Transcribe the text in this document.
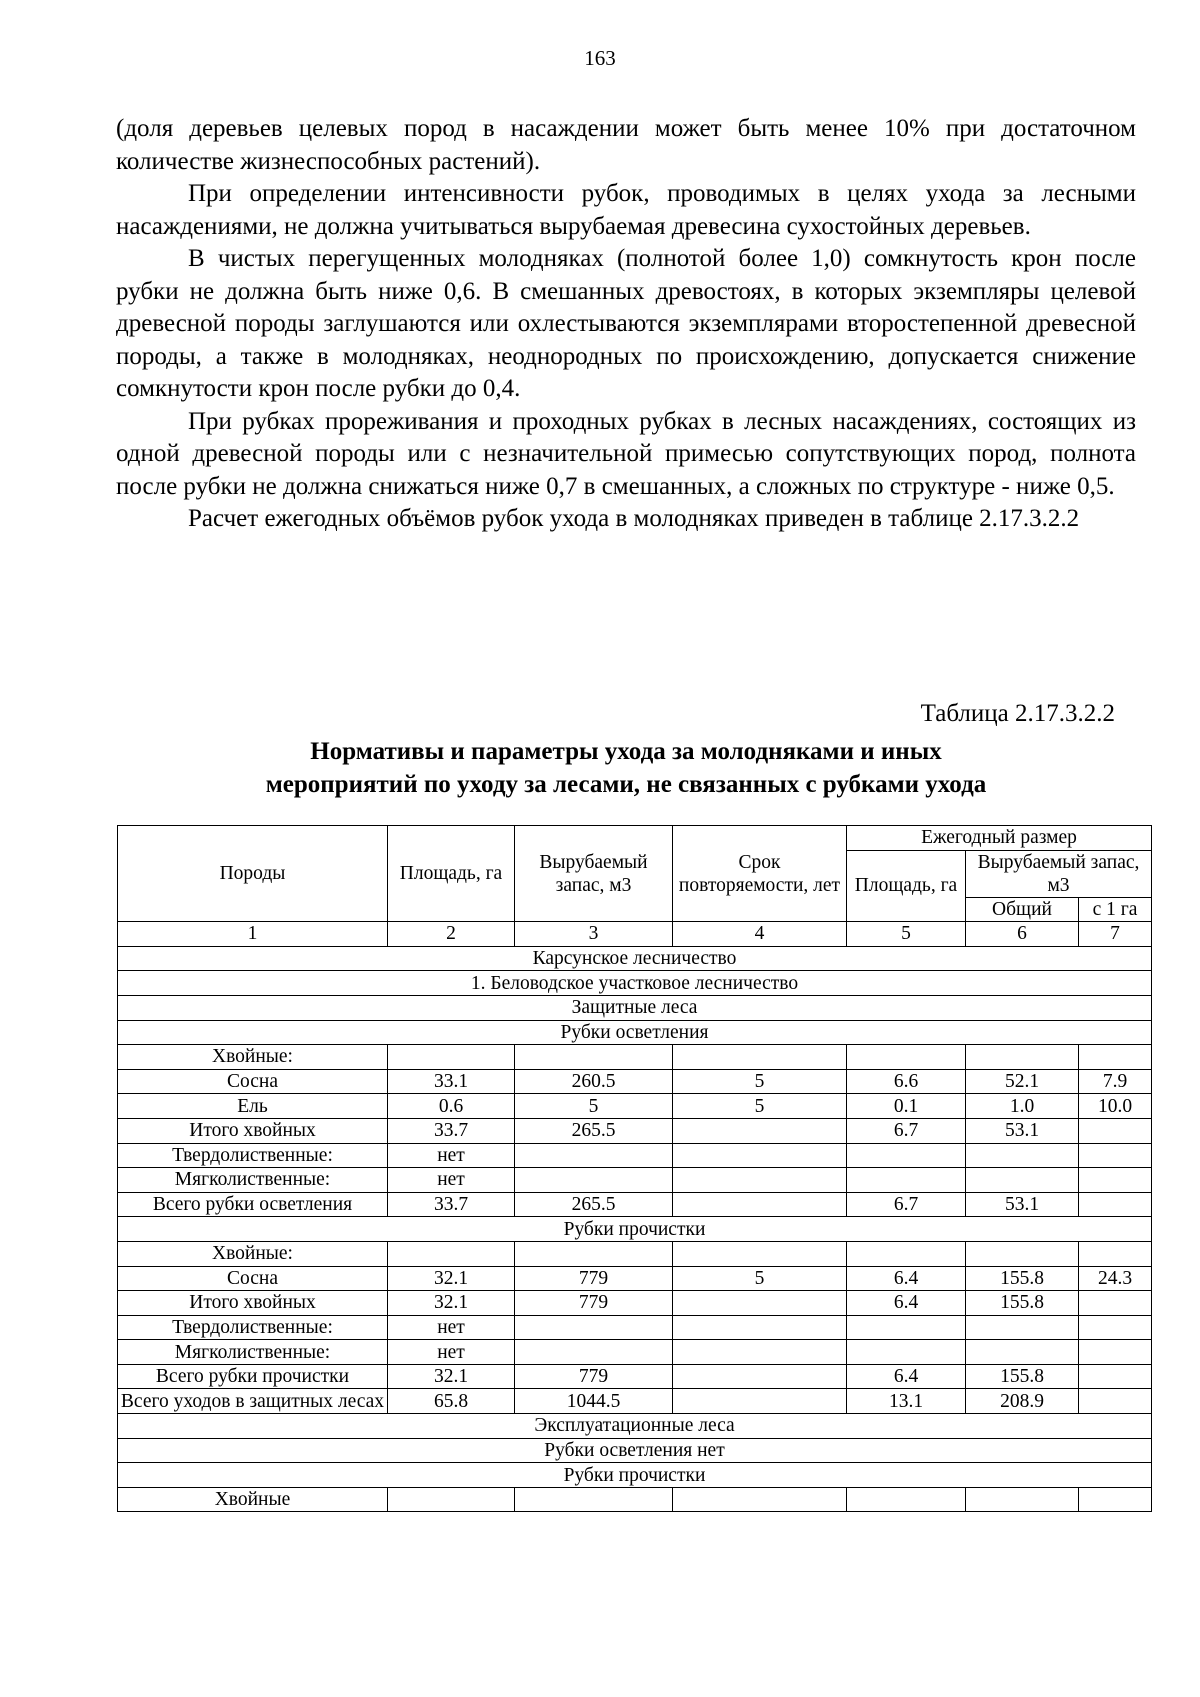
163

(доля деревьев целевых пород в насаждении может быть менее 10% при достаточном количестве жизнеспособных растений).

При определении интенсивности рубок, проводимых в целях ухода за лесными насаждениями, не должна учитываться вырубаемая древесина сухостойных деревьев.

В чистых перегущенных молодняках (полнотой более 1,0) сомкнутость крон после рубки не должна быть ниже 0,6. В смешанных древостоях, в которых экземпляры целевой древесной породы заглушаются или охлестываются экземплярами второстепенной древесной породы, а также в молодняках, неоднородных по происхождению, допускается снижение сомкнутости крон после рубки до 0,4.

При рубках прореживания и проходных рубках в лесных насаждениях, состоящих из одной древесной породы или с незначительной примесью сопутствующих пород, полнота после рубки не должна снижаться ниже 0,7 в смешанных, а сложных по структуре - ниже 0,5.

Расчет ежегодных объёмов рубок ухода в молодняках приведен в таблице 2.17.3.2.2

Таблица 2.17.3.2.2
Нормативы и параметры ухода за молодняками и иных
мероприятий по уходу за лесами, не связанных с рубками ухода
Породы	Площадь, га	Вырубаемый запас, м3	Срок повторяемости, лет	Ежегодный размер		
				Площадь, га	Вырубаемый запас, м3	
					Общий	с 1 га
1	2	3	4	5	6	7
Карсунское лесничество						
1. Беловодское участковое лесничество						
Защитные леса						
Рубки осветления						
Хвойные:						
Сосна	33.1	260.5	5	6.6	52.1	7.9
Ель	0.6	5	5	0.1	1.0	10.0
Итого хвойных	33.7	265.5		6.7	53.1	
Твердолиственные:	нет					
Мягколиственные:	нет					
Всего рубки осветления	33.7	265.5		6.7	53.1	
Рубки прочистки						
Хвойные:						
Сосна	32.1	779	5	6.4	155.8	24.3
Итого хвойных	32.1	779		6.4	155.8	
Твердолиственные:	нет					
Мягколиственные:	нет					
Всего рубки прочистки	32.1	779		6.4	155.8	
Всего уходов в защитных лесах	65.8	1044.5		13.1	208.9	
Эксплуатационные леса						
Рубки осветления нет						
Рубки прочистки						
Хвойные						
